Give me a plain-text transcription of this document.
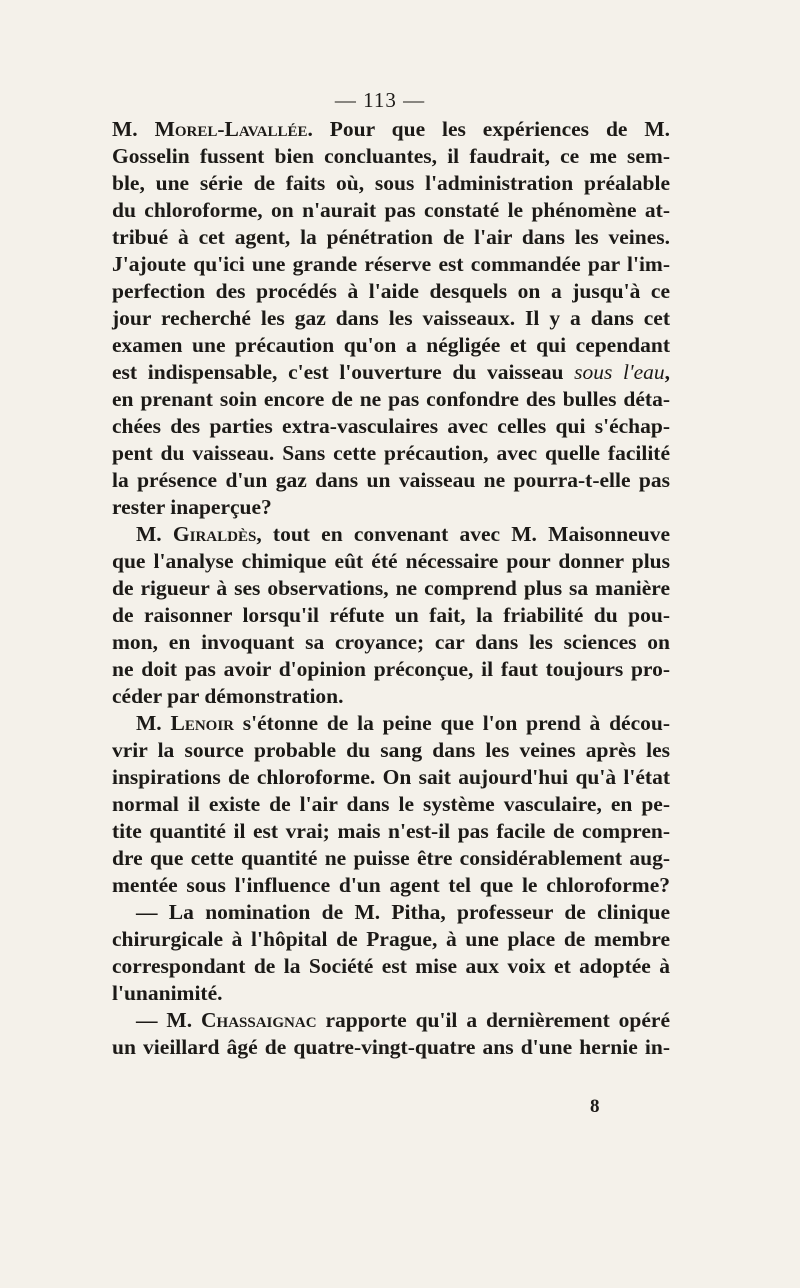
— 113 —
M. Morel-Lavallée. Pour que les expériences de M.
Gosselin fussent bien concluantes, il faudrait, ce me sem-
ble, une série de faits où, sous l'administration préalable
du chloroforme, on n'aurait pas constaté le phénomène at-
tribué à cet agent, la pénétration de l'air dans les veines.
J'ajoute qu'ici une grande réserve est commandée par l'im-
perfection des procédés à l'aide desquels on a jusqu'à ce
jour recherché les gaz dans les vaisseaux. Il y a dans cet
examen une précaution qu'on a négligée et qui cependant
est indispensable, c'est l'ouverture du vaisseau sous l'eau,
en prenant soin encore de ne pas confondre des bulles déta-
chées des parties extra-vasculaires avec celles qui s'échap-
pent du vaisseau. Sans cette précaution, avec quelle facilité
la présence d'un gaz dans un vaisseau ne pourra-t-elle pas
rester inaperçue?
M. Giraldès, tout en convenant avec M. Maisonneuve
que l'analyse chimique eût été nécessaire pour donner plus
de rigueur à ses observations, ne comprend plus sa manière
de raisonner lorsqu'il réfute un fait, la friabilité du pou-
mon, en invoquant sa croyance; car dans les sciences on
ne doit pas avoir d'opinion préconçue, il faut toujours pro-
céder par démonstration.
M. Lenoir s'étonne de la peine que l'on prend à décou-
vrir la source probable du sang dans les veines après les
inspirations de chloroforme. On sait aujourd'hui qu'à l'état
normal il existe de l'air dans le système vasculaire, en pe-
tite quantité il est vrai; mais n'est-il pas facile de compren-
dre que cette quantité ne puisse être considérablement aug-
mentée sous l'influence d'un agent tel que le chloroforme?
— La nomination de M. Pitha, professeur de clinique
chirurgicale à l'hôpital de Prague, à une place de membre
correspondant de la Société est mise aux voix et adoptée à
l'unanimité.
— M. Chassaignac rapporte qu'il a dernièrement opéré
un vieillard âgé de quatre-vingt-quatre ans d'une hernie in-
8
